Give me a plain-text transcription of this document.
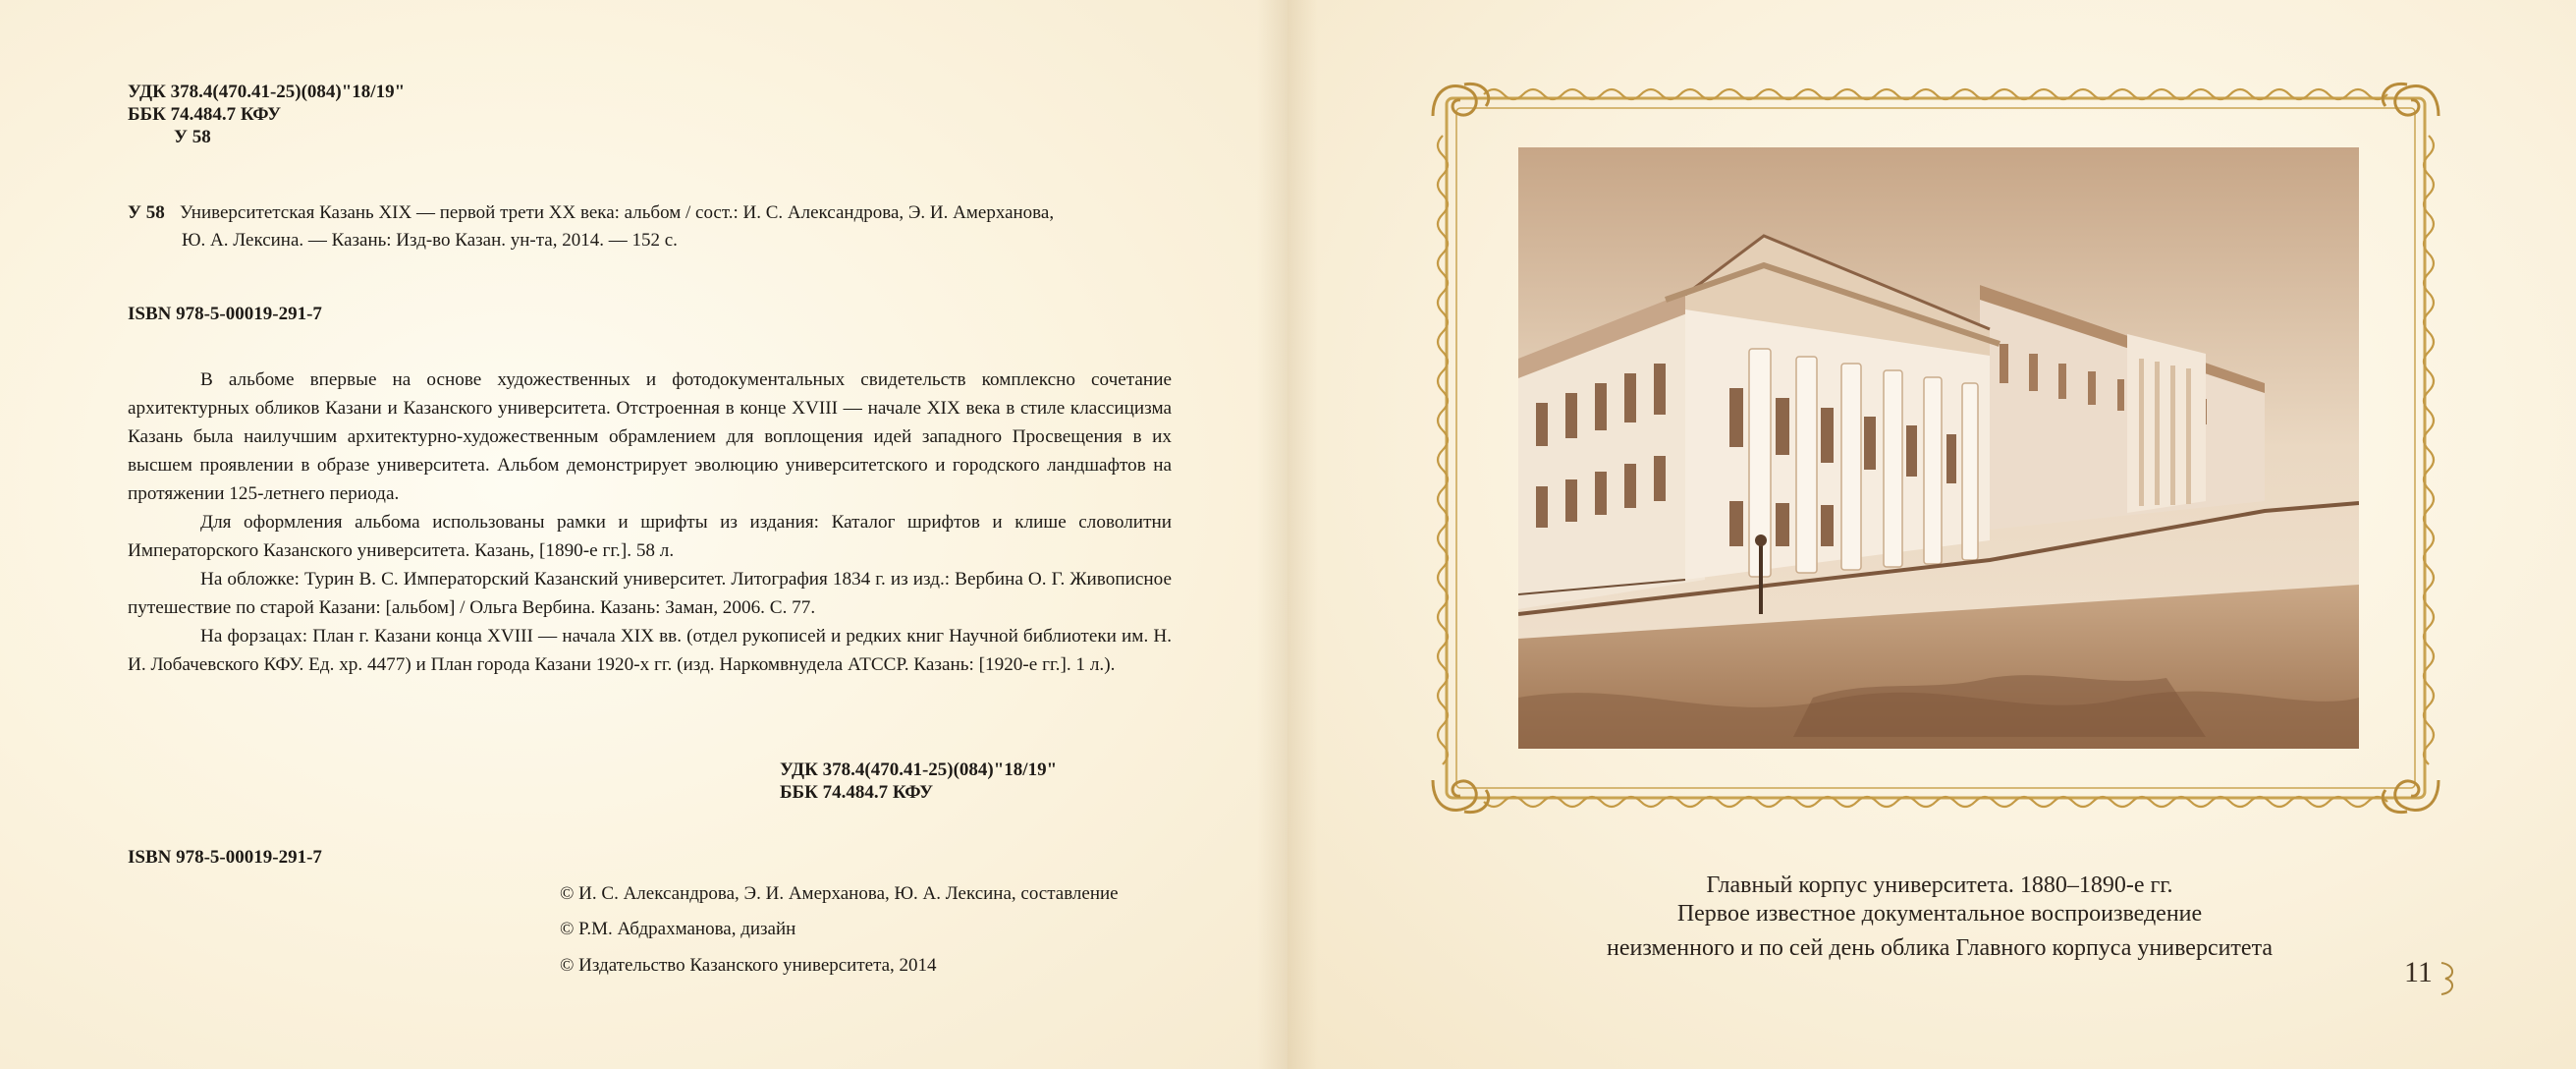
УДК 378.4(470.41-25)(084)"18/19"
ББК 74.484.7 КФУ
У 58
У 58 Университетская Казань XIX — первой трети XX века: альбом / сост.: И. С. Александрова, Э. И. Амерханова,
Ю. А. Лексина. — Казань: Изд-во Казан. ун-та, 2014. — 152 с.
ISBN 978-5-00019-291-7

В альбоме впервые на основе художественных и фотодокументальных свидетельств комплексно сочетание архитектурных обликов Казани и Казанского университета. Отстроенная в конце XVIII — начале XIX века в стиле классицизма Казань была наилучшим архитектурно-художественным обрамлением для воплощения идей западного Просвещения в их высшем проявлении в образе университета. Альбом демонстрирует эволюцию университетского и городского ландшафтов на протяжении 125-летнего периода.

Для оформления альбома использованы рамки и шрифты из издания: Каталог шрифтов и клише словолитни Императорского Казанского университета. Казань, [1890-е гг.]. 58 л.

На обложке: Турин В. С. Императорский Казанский университет. Литография 1834 г. из изд.: Вербина О. Г. Живописное путешествие по старой Казани: [альбом] / Ольга Вербина. Казань: Заман, 2006. С. 77.

На форзацах: План г. Казани конца XVIII — начала XIX вв. (отдел рукописей и редких книг Научной библиотеки им. Н. И. Лобачевского КФУ. Ед. хр. 4477) и План города Казани 1920-х гг. (изд. Наркомвнудела АТССР. Казань: [1920-е гг.]. 1 л.).

УДК 378.4(470.41-25)(084)"18/19"
ББК 74.484.7 КФУ
ISBN 978-5-00019-291-7
© И. С. Александрова, Э. И. Амерханова, Ю. А. Лексина, составление
© Р.М. Абдрахманова, дизайн
© Издательство Казанского университета, 2014
Главный корпус университета. 1880–1890-е гг.
Первое известное документальное воспроизведение
неизменного и по сей день облика Главного корпуса университета
11
